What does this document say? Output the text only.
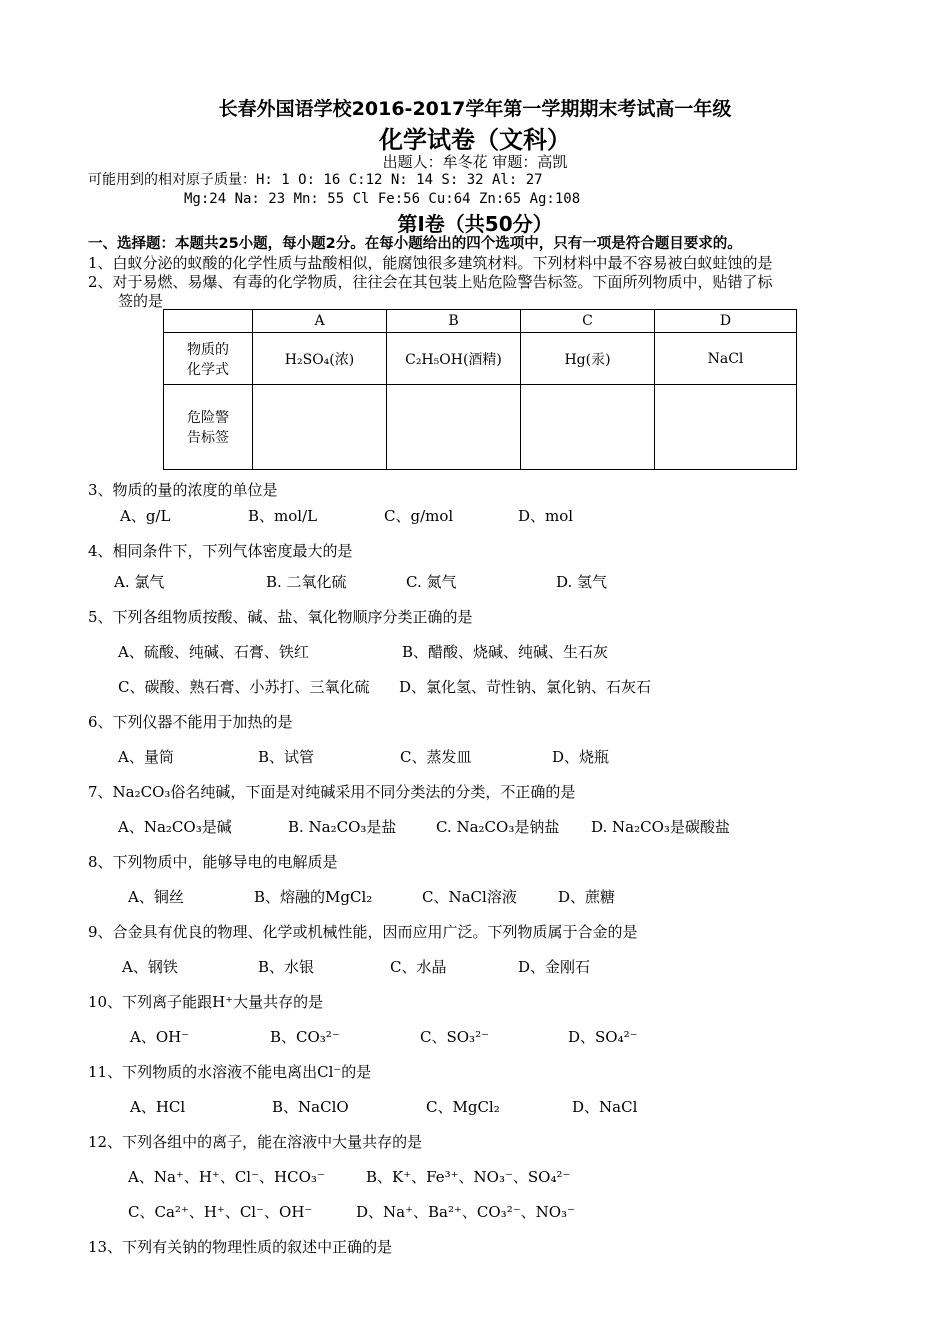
长春外国语学校2016-2017学年第一学期期末考试高一年级
化学试卷（文科）
出题人：牟冬花 审题：高凯
可能用到的相对原子质量：H: 1 O: 16 C:12 N: 14 S: 32 Al: 27
Mg:24 Na: 23 Mn: 55 Cl Fe:56 Cu:64 Zn:65 Ag:108
第Ⅰ卷（共50分）
一、选择题：本题共25小题，每小题2分。在每小题给出的四个选项中，只有一项是符合题目要求的。
1、白蚁分泌的蚁酸的化学性质与盐酸相似，能腐蚀很多建筑材料。下列材料中最不容易被白蚁蛀蚀的是
2、对于易燃、易爆、有毒的化学物质，往往会在其包装上贴危险警告标签。下面所列物质中，贴错了标
签的是
	A	B	C	D

物质的
化学式	H₂SO₄(浓)	C₂H₅OH(酒精)	Hg(汞)	NaCl

危险警
告标签				

3、物质的量的浓度的单位是
A、g/L	B、mol/L	C、g/mol	D、mol
4、相同条件下，下列气体密度最大的是
A. 氯气	B. 二氧化硫	C. 氮气	D. 氢气
5、下列各组物质按酸、碱、盐、氧化物顺序分类正确的是
A、硫酸、纯碱、石膏、铁红	B、醋酸、烧碱、纯碱、生石灰
C、碳酸、熟石膏、小苏打、三氧化硫 D、氯化氢、苛性钠、氯化钠、石灰石
6、下列仪器不能用于加热的是
A、量筒	B、试管	C、蒸发皿	D、烧瓶
7、Na₂CO₃俗名纯碱，下面是对纯碱采用不同分类法的分类，不正确的是
A、Na₂CO₃是碱	B. Na₂CO₃是盐	C. Na₂CO₃是钠盐 D. Na₂CO₃是碳酸盐
8、下列物质中，能够导电的电解质是
A、铜丝	B、熔融的MgCl₂	C、NaCl溶液	D、蔗糖
9、合金具有优良的物理、化学或机械性能，因而应用广泛。下列物质属于合金的是
A、钢铁	B、水银	C、水晶	D、金刚石
10、下列离子能跟H⁺大量共存的是
A、OH⁻	B、CO₃²⁻	C、SO₃²⁻	D、SO₄²⁻
11、下列物质的水溶液不能电离出Cl⁻的是
A、HCl	B、NaClO	C、MgCl₂	D、NaCl
12、下列各组中的离子，能在溶液中大量共存的是
A、Na⁺、H⁺、Cl⁻、HCO₃⁻	B、K⁺、Fe³⁺、NO₃⁻、SO₄²⁻
C、Ca²⁺、H⁺、Cl⁻、OH⁻	D、Na⁺、Ba²⁺、CO₃²⁻、NO₃⁻
13、下列有关钠的物理性质的叙述中正确的是
